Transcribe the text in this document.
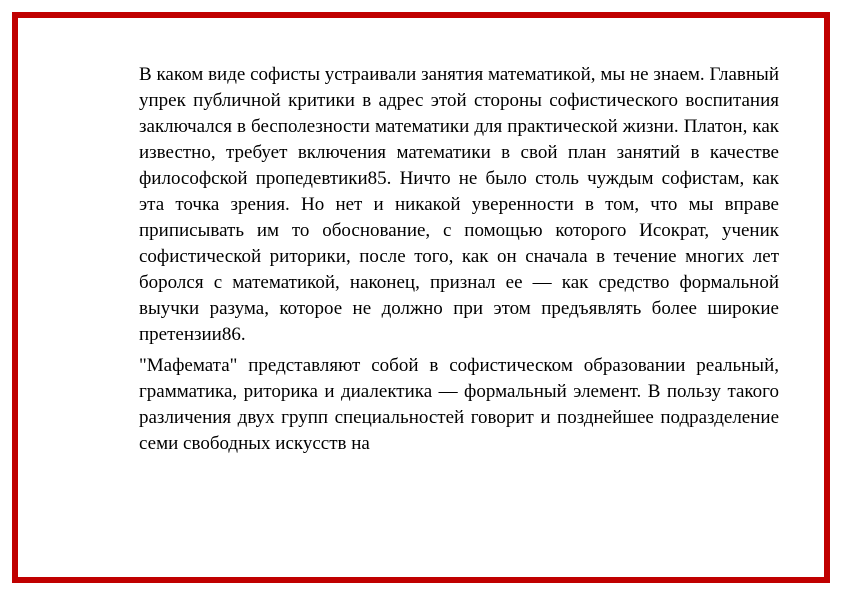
В каком виде софисты устраивали занятия математикой, мы не знаем. Главный упрек публичной критики в адрес этой стороны софистического воспитания заключался в бесполезности математики для практической жизни. Платон, как известно, требует включения математики в свой план занятий в качестве философской пропедевтики85. Ничто не было столь чуждым софистам, как эта точка зрения. Но нет и никакой уверенности в том, что мы вправе приписывать им то обоснование, с помощью которого Исократ, ученик софистической риторики, после того, как он сначала в течение многих лет боролся с математикой, наконец, признал ее — как средство формальной выучки разума, которое не должно при этом предъявлять более широкие претензии86.

"Мафемата" представляют собой в софистическом образовании реальный, грамматика, риторика и диалектика — формальный элемент. В пользу такого различения двух групп специальностей говорит и позднейшее подразделение семи свободных искусств на
